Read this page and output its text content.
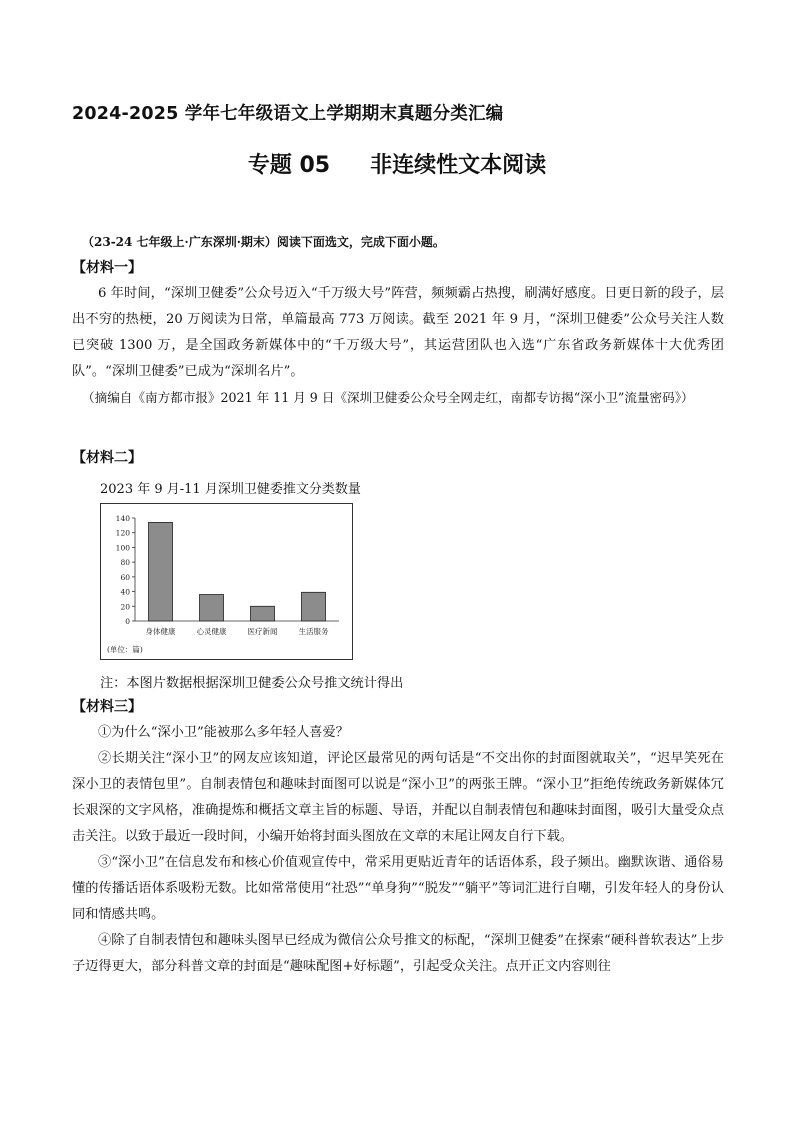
2024-2025 学年七年级语文上学期期末真题分类汇编
专题 05 非连续性文本阅读
（23-24 七年级上·广东深圳·期末）阅读下面选文，完成下面小题。
【材料一】

6 年时间，“深圳卫健委”公众号迈入“千万级大号”阵营，频频霸占热搜，刷满好感度。日更日新的段子，层出不穷的热梗，20 万阅读为日常，单篇最高 773 万阅读。截至 2021 年 9 月，“深圳卫健委”公众号关注人数已突破 1300 万，是全国政务新媒体中的“千万级大号”，其运营团队也入选“广东省政务新媒体十大优秀团队”。“深圳卫健委”已成为“深圳名片”。

（摘编自《南方都市报》2021 年 11 月 9 日《深圳卫健委公众号全网走红，南都专访揭“深小卫”流量密码》）

【材料二】
2023 年 9 月-11 月深圳卫健委推文分类数量
0
20
40
60
80
100
120
140
身体健康	心灵健康	医疗新闻	生活服务
(单位：篇)
注：本图片数据根据深圳卫健委公众号推文统计得出
【材料三】

①为什么“深小卫”能被那么多年轻人喜爱？

②长期关注“深小卫”的网友应该知道，评论区最常见的两句话是“不交出你的封面图就取关”，“迟早笑死在深小卫的表情包里”。自制表情包和趣味封面图可以说是“深小卫”的两张王牌。“深小卫”拒绝传统政务新媒体冗长艰深的文字风格，准确提炼和概括文章主旨的标题、导语，并配以自制表情包和趣味封面图，吸引大量受众点击关注。以致于最近一段时间，小编开始将封面头图放在文章的末尾让网友自行下载。

③“深小卫”在信息发布和核心价值观宣传中，常采用更贴近青年的话语体系，段子频出。幽默诙谐、通俗易懂的传播话语体系吸粉无数。比如常常使用“社恐”“单身狗”“脱发”“躺平”等词汇进行自嘲，引发年轻人的身份认同和情感共鸣。

④除了自制表情包和趣味头图早已经成为微信公众号推文的标配，“深圳卫健委”在探索“硬科普软表达”上步子迈得更大，部分科普文章的封面是“趣味配图+好标题”，引起受众关注。点开正文内容则往
